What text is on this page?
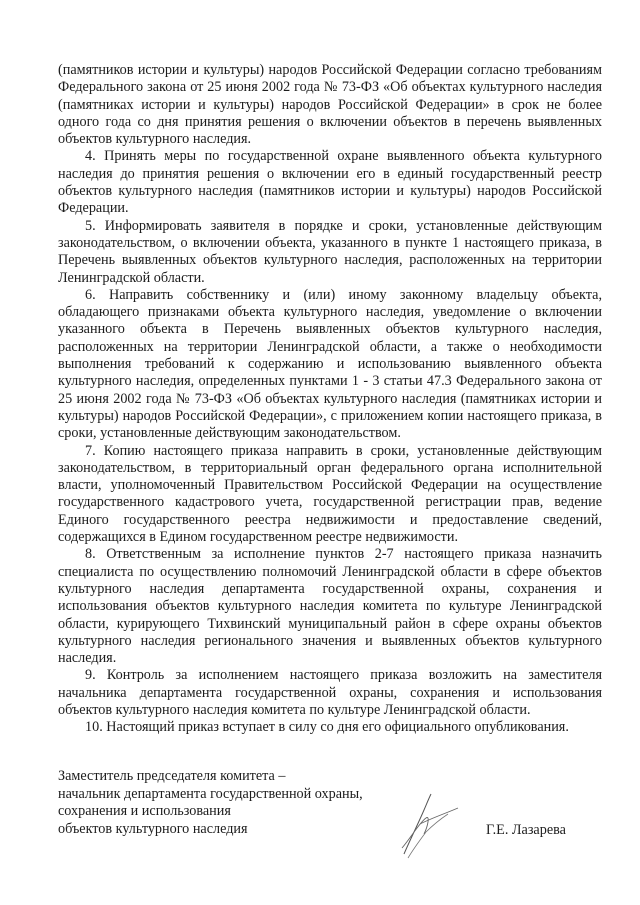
(памятников истории и культуры) народов Российской Федерации согласно требованиям Федерального закона от 25 июня 2002 года № 73-ФЗ «Об объектах культурного наследия (памятниках истории и культуры) народов Российской Федерации» в срок не более одного года со дня принятия решения о включении объектов в перечень выявленных объектов культурного наследия.

4. Принять меры по государственной охране выявленного объекта культурного наследия до принятия решения о включении его в единый государственный реестр объектов культурного наследия (памятников истории и культуры) народов Российской Федерации.

5. Информировать заявителя в порядке и сроки, установленные действующим законодательством, о включении объекта, указанного в пункте 1 настоящего приказа, в Перечень выявленных объектов культурного наследия, расположенных на территории Ленинградской области.

6. Направить собственнику и (или) иному законному владельцу объекта, обладающего признаками объекта культурного наследия, уведомление о включении указанного объекта в Перечень выявленных объектов культурного наследия, расположенных на территории Ленинградской области, а также о необходимости выполнения требований к содержанию и использованию выявленного объекта культурного наследия, определенных пунктами 1 - 3 статьи 47.3 Федерального закона от 25 июня 2002 года № 73-ФЗ «Об объектах культурного наследия (памятниках истории и культуры) народов Российской Федерации», с приложением копии настоящего приказа, в сроки, установленные действующим законодательством.

7. Копию настоящего приказа направить в сроки, установленные действующим законодательством, в территориальный орган федерального органа исполнительной власти, уполномоченный Правительством Российской Федерации на осуществление государственного кадастрового учета, государственной регистрации прав, ведение Единого государственного реестра недвижимости и предоставление сведений, содержащихся в Едином государственном реестре недвижимости.

8. Ответственным за исполнение пунктов 2-7 настоящего приказа назначить специалиста по осуществлению полномочий Ленинградской области в сфере объектов культурного наследия департамента государственной охраны, сохранения и использования объектов культурного наследия комитета по культуре Ленинградской области, курирующего Тихвинский муниципальный район в сфере охраны объектов культурного наследия регионального значения и выявленных объектов культурного наследия.

9. Контроль за исполнением настоящего приказа возложить на заместителя начальника департамента государственной охраны, сохранения и использования объектов культурного наследия комитета по культуре Ленинградской области.

10. Настоящий приказ вступает в силу со дня его официального опубликования.

Заместитель председателя комитета –
начальник департамента государственной охраны,
сохранения и использования
объектов культурного наследия	Г.Е. Лазарева
